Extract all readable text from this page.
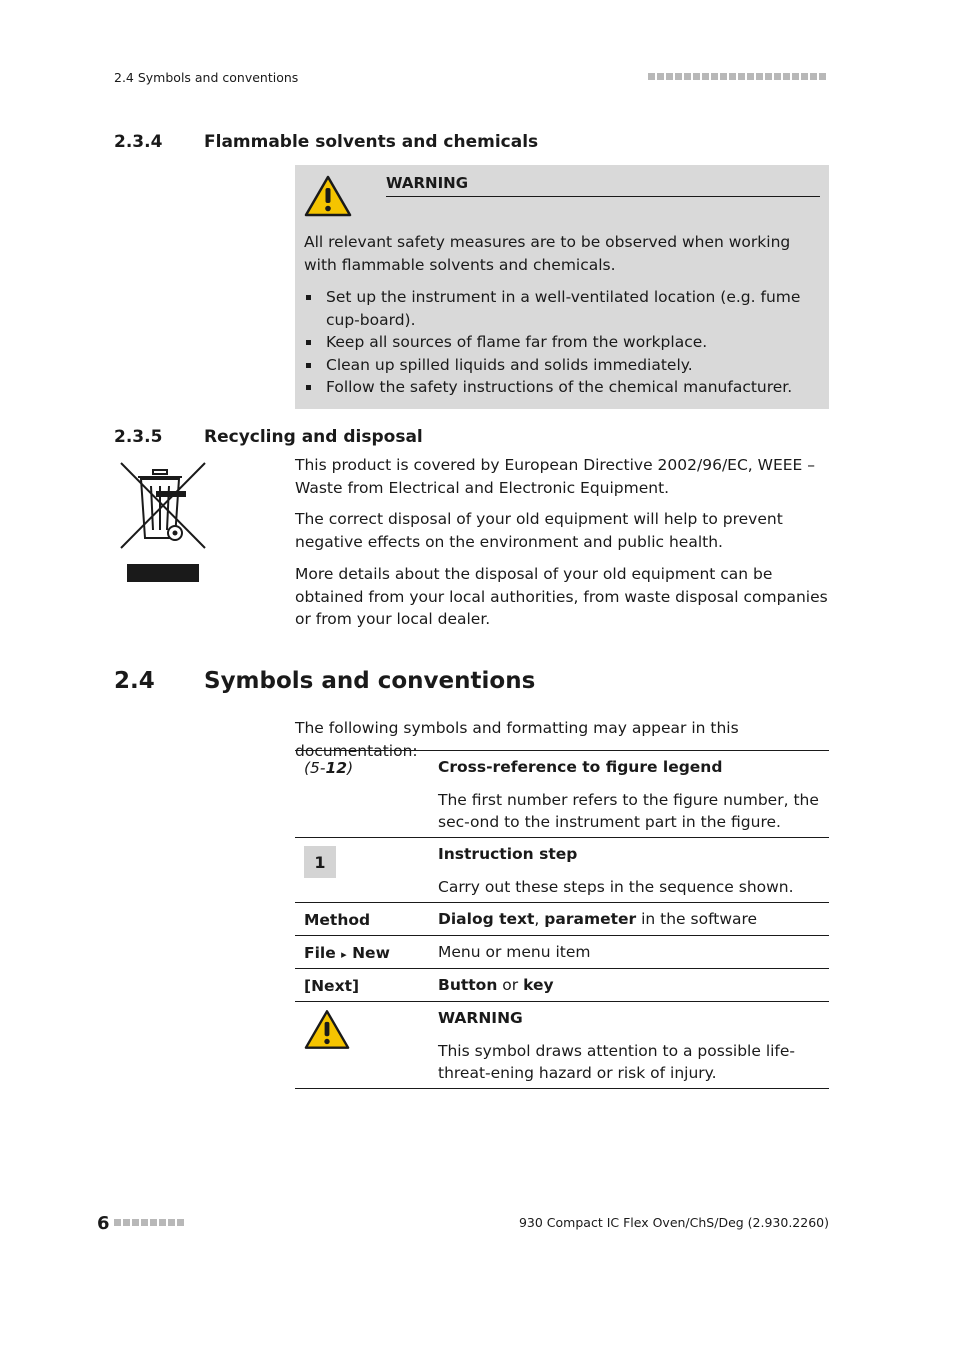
2.4 Symbols and conventions
2.3.4 Flammable solvents and chemicals
WARNING
All relevant safety measures are to be observed when working with flammable solvents and chemicals.
Set up the instrument in a well-ventilated location (e.g. fume cup-board).
Keep all sources of flame far from the workplace.
Clean up spilled liquids and solids immediately.
Follow the safety instructions of the chemical manufacturer.
2.3.5 Recycling and disposal
This product is covered by European Directive 2002/96/EC, WEEE – Waste from Electrical and Electronic Equipment.
The correct disposal of your old equipment will help to prevent negative effects on the environment and public health.
More details about the disposal of your old equipment can be obtained from your local authorities, from waste disposal companies or from your local dealer.
2.4 Symbols and conventions
The following symbols and formatting may appear in this documentation:
(5-12)	Cross-reference to figure legend
The first number refers to the figure number, the sec-ond to the instrument part in the figure.
1	Instruction step
Carry out these steps in the sequence shown.
Method	Dialog text, parameter in the software
File ▸ New	Menu or menu item
[Next]	Button or key
WARNING
This symbol draws attention to a possible life-threat-ening hazard or risk of injury.
6	930 Compact IC Flex Oven/ChS/Deg (2.930.2260)
